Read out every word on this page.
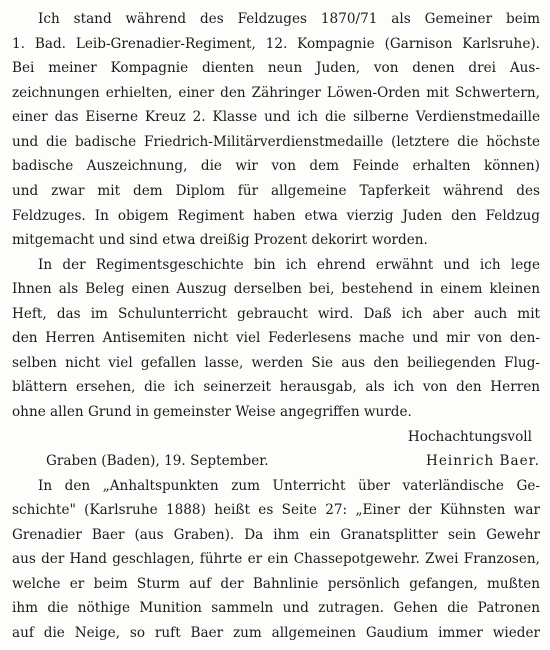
Ich stand während des Feldzuges 1870/71 als Gemeiner beim
1. Bad. Leib-Grenadier-Regiment, 12. Kompagnie (Garnison Karlsruhe).
Bei meiner Kompagnie dienten neun Juden, von denen drei Aus-
zeichnungen erhielten, einer den Zähringer Löwen-Orden mit Schwertern,
einer das Eiserne Kreuz 2. Klasse und ich die silberne Verdienstmedaille
und die badische Friedrich-Militärverdienstmedaille (letztere die höchste
badische Auszeichnung, die wir von dem Feinde erhalten können)
und zwar mit dem Diplom für allgemeine Tapferkeit während des
Feldzuges. In obigem Regiment haben etwa vierzig Juden den Feldzug
mitgemacht und sind etwa dreißig Prozent dekorirt worden.
In der Regimentsgeschichte bin ich ehrend erwähnt und ich lege
Ihnen als Beleg einen Auszug derselben bei, bestehend in einem kleinen
Heft, das im Schulunterricht gebraucht wird. Daß ich aber auch mit
den Herren Antisemiten nicht viel Federlesens mache und mir von den-
selben nicht viel gefallen lasse, werden Sie aus den beiliegenden Flug-
blättern ersehen, die ich seinerzeit herausgab, als ich von den Herren
ohne allen Grund in gemeinster Weise angegriffen wurde.
Hochachtungsvoll
Graben (Baden), 19. September.	Heinrich Baer.
In den „Anhaltspunkten zum Unterricht über vaterländische Ge-
schichte" (Karlsruhe 1888) heißt es Seite 27: „Einer der Kühnsten war
Grenadier Baer (aus Graben). Da ihm ein Granatsplitter sein Gewehr
aus der Hand geschlagen, führte er ein Chassepotgewehr. Zwei Franzosen,
welche er beim Sturm auf der Bahnlinie persönlich gefangen, mußten
ihm die nöthige Munition sammeln und zutragen. Gehen die Patronen
auf die Neige, so ruft Baer zum allgemeinen Gaudium immer wieder
